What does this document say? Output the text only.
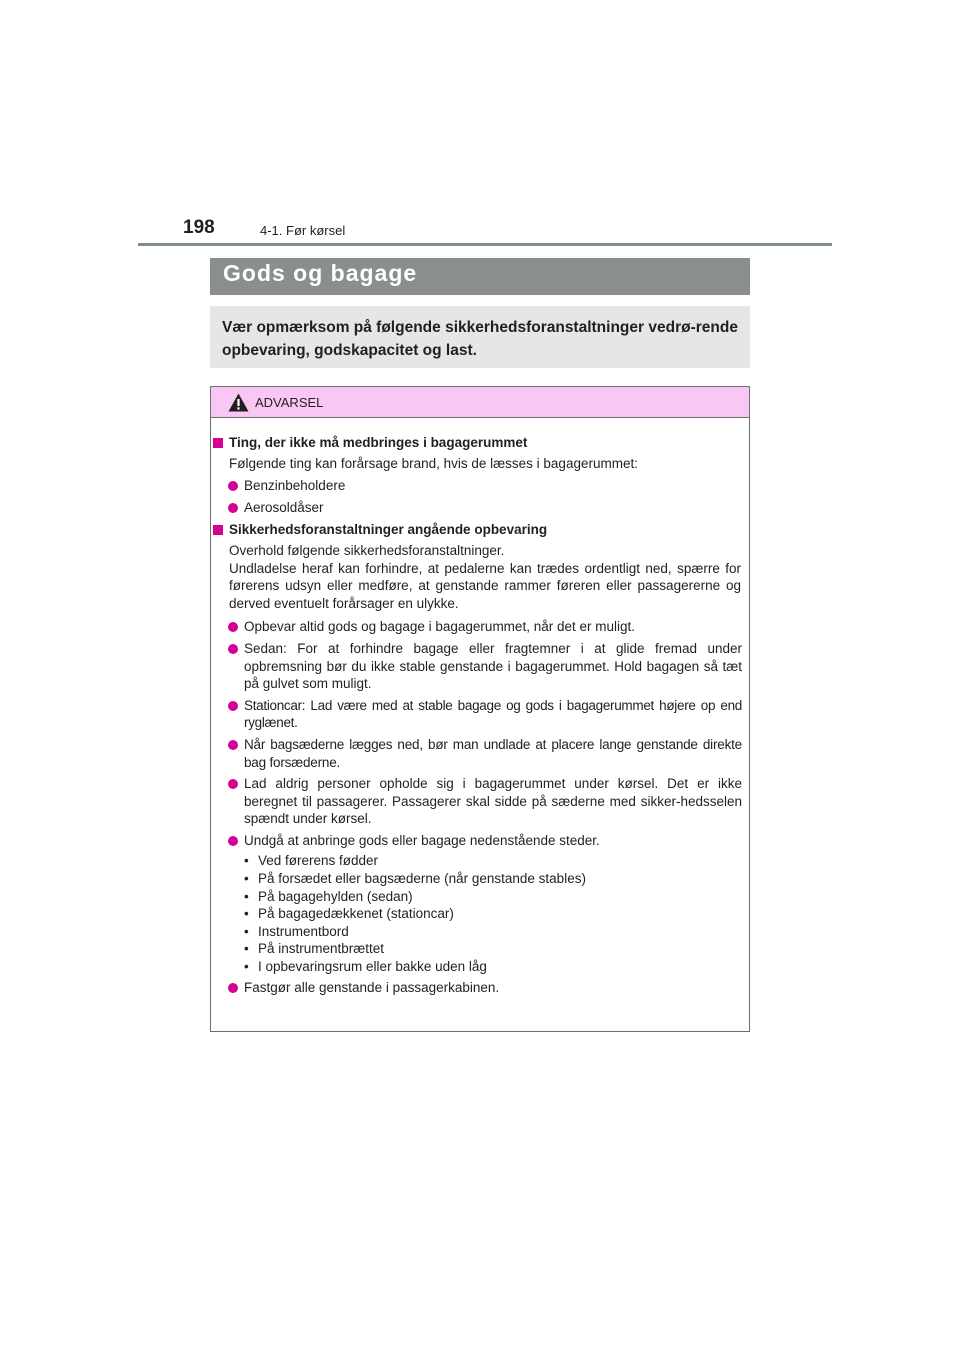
198	4-1. Før kørsel
Gods og bagage
Vær opmærksom på følgende sikkerhedsforanstaltninger vedrø-rende opbevaring, godskapacitet og last.
ADVARSEL
Ting, der ikke må medbringes i bagagerummet
Følgende ting kan forårsage brand, hvis de læsses i bagagerummet:
Benzinbeholdere
Aerosoldåser
Sikkerhedsforanstaltninger angående opbevaring
Overhold følgende sikkerhedsforanstaltninger.
Undladelse heraf kan forhindre, at pedalerne kan trædes ordentligt ned, spærre for førerens udsyn eller medføre, at genstande rammer føreren eller passagererne og derved eventuelt forårsager en ulykke.
Opbevar altid gods og bagage i bagagerummet, når det er muligt.
Sedan: For at forhindre bagage eller fragtemner i at glide fremad under opbremsning bør du ikke stable genstande i bagagerummet. Hold bagagen så tæt på gulvet som muligt.
Stationcar: Lad være med at stable bagage og gods i bagagerummet højere op end ryglænet.
Når bagsæderne lægges ned, bør man undlade at placere lange genstande direkte bag forsæderne.
Lad aldrig personer opholde sig i bagagerummet under kørsel. Det er ikke beregnet til passagerer. Passagerer skal sidde på sæderne med sikker-hedsselen spændt under kørsel.
Undgå at anbringe gods eller bagage nedenstående steder.
• Ved førerens fødder
• På forsædet eller bagsæderne (når genstande stables)
• På bagagehylden (sedan)
• På bagagedækkenet (stationcar)
• Instrumentbord
• På instrumentbrættet
• I opbevaringsrum eller bakke uden låg
Fastgør alle genstande i passagerkabinen.
